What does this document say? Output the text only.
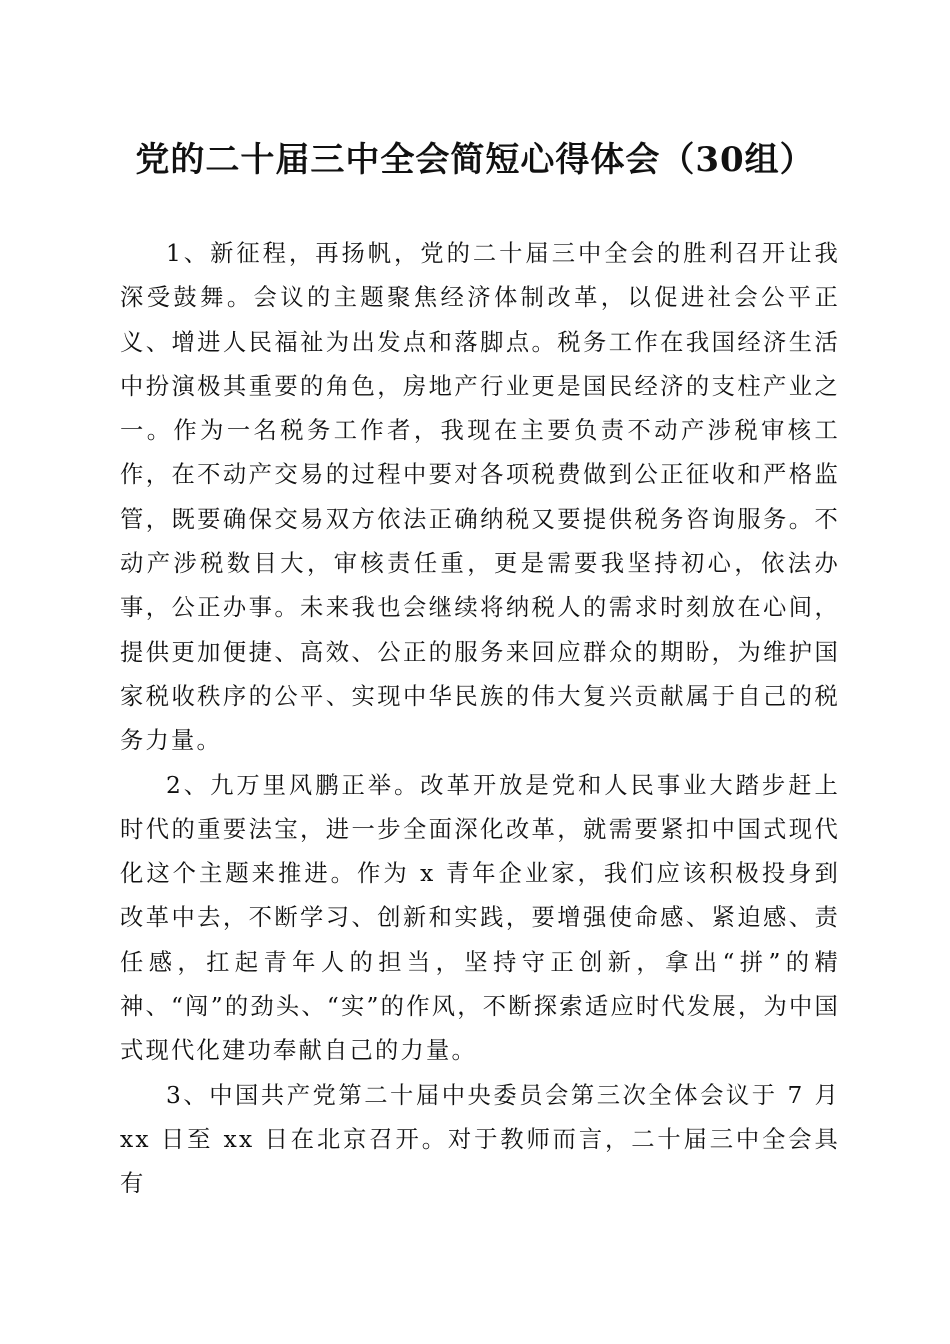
党的二十届三中全会简短心得体会（30组）

1、新征程，再扬帆，党的二十届三中全会的胜利召开让我深受鼓舞。会议的主题聚焦经济体制改革，以促进社会公平正义、增进人民福祉为出发点和落脚点。税务工作在我国经济生活中扮演极其重要的角色，房地产行业更是国民经济的支柱产业之一。作为一名税务工作者，我现在主要负责不动产涉税审核工作，在不动产交易的过程中要对各项税费做到公正征收和严格监管，既要确保交易双方依法正确纳税又要提供税务咨询服务。不动产涉税数目大，审核责任重，更是需要我坚持初心，依法办事，公正办事。未来我也会继续将纳税人的需求时刻放在心间，提供更加便捷、高效、公正的服务来回应群众的期盼，为维护国家税收秩序的公平、实现中华民族的伟大复兴贡献属于自己的税务力量。

2、九万里风鹏正举。改革开放是党和人民事业大踏步赶上时代的重要法宝，进一步全面深化改革，就需要紧扣中国式现代化这个主题来推进。作为 x 青年企业家，我们应该积极投身到改革中去，不断学习、创新和实践，要增强使命感、紧迫感、责任感，扛起青年人的担当，坚持守正创新，拿出“拼”的精神、“闯”的劲头、“实”的作风，不断探索适应时代发展，为中国式现代化建功奉献自己的力量。

3、中国共产党第二十届中央委员会第三次全体会议于 7 月 xx 日至 xx 日在北京召开。对于教师而言，二十届三中全会具有
